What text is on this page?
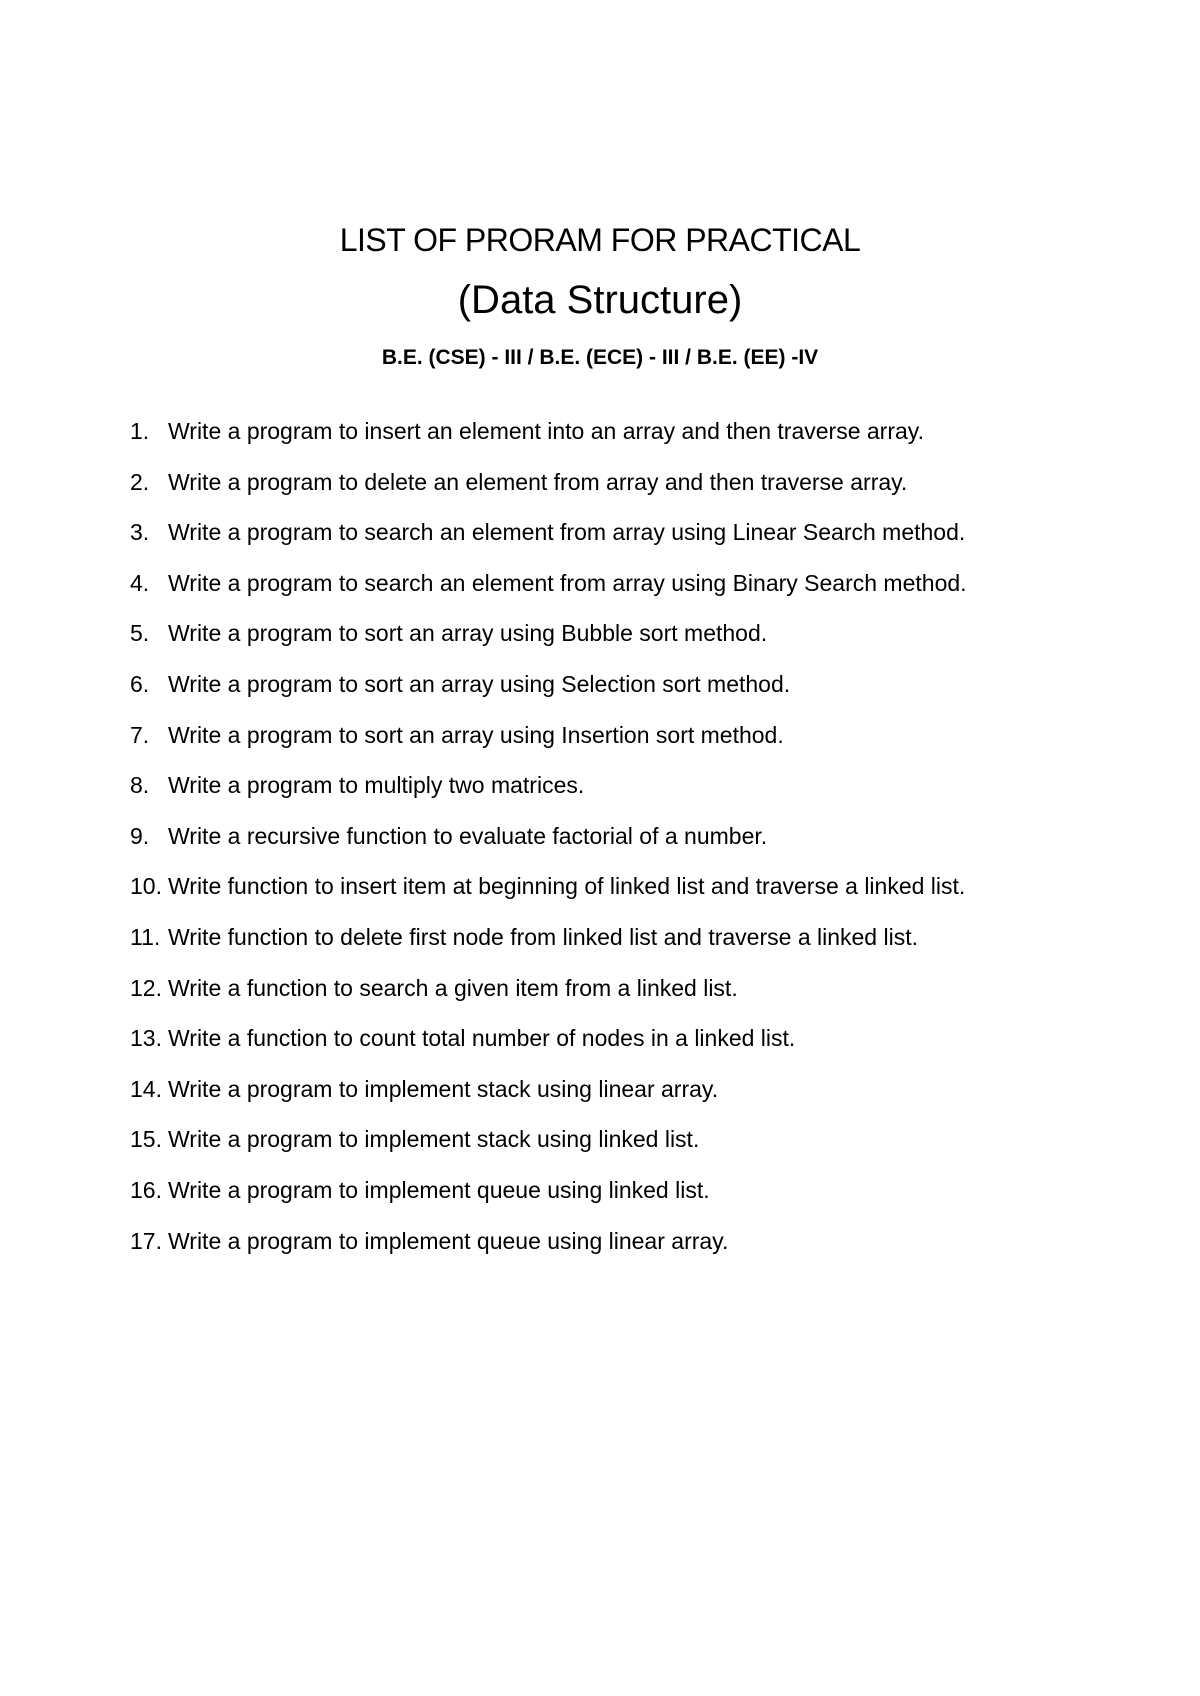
LIST OF PRORAM FOR PRACTICAL
(Data Structure)
B.E. (CSE) - III / B.E. (ECE) - III / B.E. (EE) -IV
1. Write a program to insert an element into an array and then traverse array.
2. Write a program to delete an element from array and then traverse array.
3. Write a program to search an element from array using Linear Search method.
4. Write a program to search an element from array using Binary Search method.
5. Write a program to sort an array using Bubble sort method.
6. Write a program to sort an array using Selection sort method.
7. Write a program to sort an array using Insertion sort method.
8. Write a program to multiply two matrices.
9. Write a recursive function to evaluate factorial of a number.
10. Write function to insert item at beginning of linked list and traverse a linked list.
11. Write function to delete first node from linked list and traverse a linked list.
12. Write a function to search a given item from a linked list.
13. Write a function to count total number of nodes in a linked list.
14. Write a program to implement stack using linear array.
15. Write a program to implement stack using linked list.
16. Write a program to implement queue using linked list.
17. Write a program to implement queue using linear array.
